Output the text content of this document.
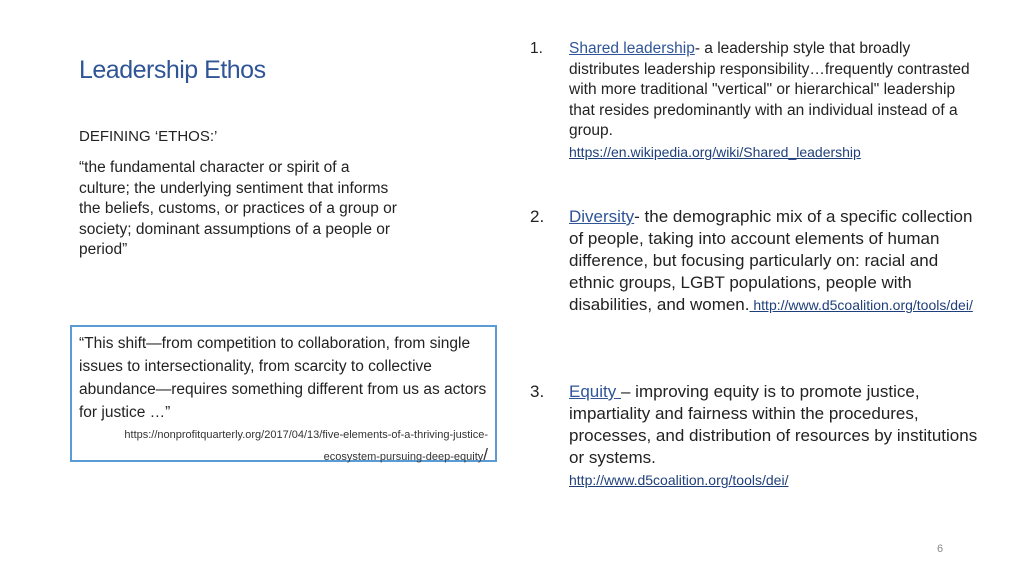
Leadership Ethos
DEFINING ‘ETHOS:’
“the fundamental character or spirit of a culture; the underlying sentiment that informs the beliefs, customs, or practices of a group or society; dominant assumptions of a people or period”
“This shift—from competition to collaboration, from single issues to intersectionality, from scarcity to collective abundance—requires something different from us as actors for justice …”
https://nonprofitquarterly.org/2017/04/13/five-elements-of-a-thriving-justice-
ecosystem-pursuing-deep-equity/
1.	Shared leadership- a leadership style that broadly distributes leadership responsibility…frequently contrasted with more traditional "vertical" or hierarchical" leadership that resides predominantly with an individual instead of a group.
https://en.wikipedia.org/wiki/Shared_leadership
2.	Diversity- the demographic mix of a specific collection of people, taking into account elements of human difference, but focusing particularly on: racial and ethnic groups, LGBT populations, people with disabilities, and women. http://www.d5coalition.org/tools/dei/
3.	Equity – improving equity is to promote justice, impartiality and fairness within the procedures, processes, and distribution of resources by institutions or systems.
http://www.d5coalition.org/tools/dei/
6
